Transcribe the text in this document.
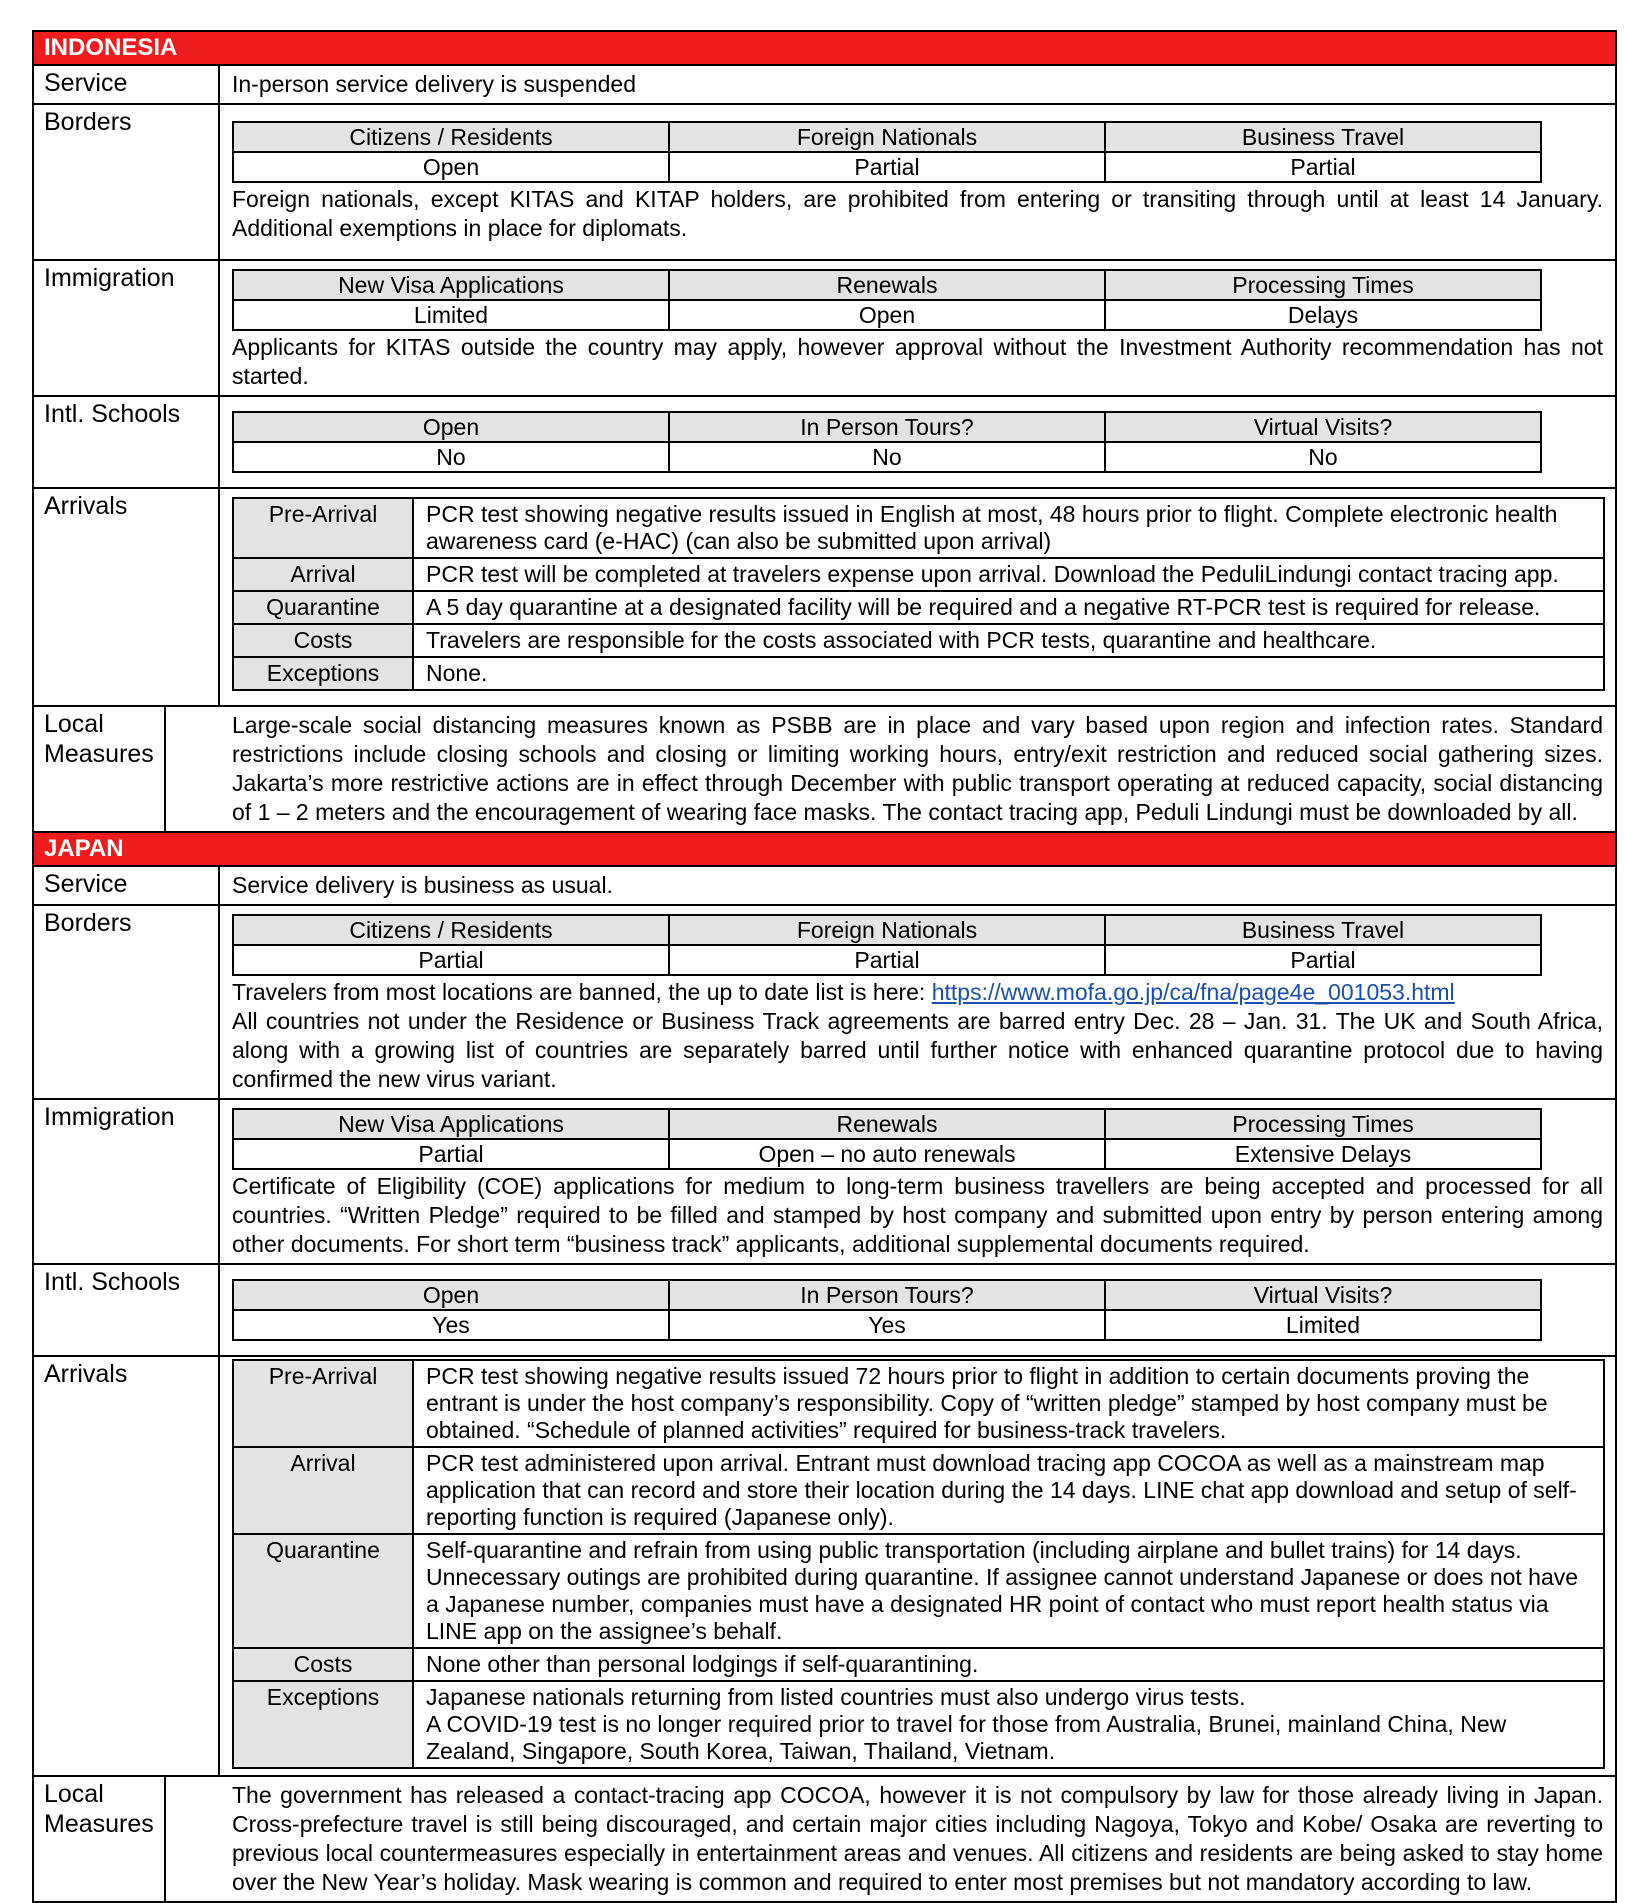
INDONESIA
Service	In-person service delivery is suspended

Borders
Citizens / Residents	Foreign Nationals	Business Travel
Open	Partial	Partial

Foreign nationals, except KITAS and KITAP holders, are prohibited from entering or transiting through until at least 14 January. Additional exemptions in place for diplomats.

Immigration	New Visa Applications	Renewals	Processing Times
Limited	Open	Delays

Applicants for KITAS outside the country may apply, however approval without the Investment Authority recommendation has not started.

Intl. Schools	Open	In Person Tours?	Virtual Visits?
No	No	No
Arrivals	Pre-Arrival	PCR test showing negative results issued in English at most, 48 hours prior to flight. Complete electronic health awareness card (e-HAC) (can also be submitted upon arrival)
Arrival	PCR test will be completed at travelers expense upon arrival. Download the PeduliLindungi contact tracing app.
Quarantine	A 5 day quarantine at a designated facility will be required and a negative RT-PCR test is required for release.
Costs	Travelers are responsible for the costs associated with PCR tests, quarantine and healthcare.
Exceptions	None.
Local Measures

Large-scale social distancing measures known as PSBB are in place and vary based upon region and infection rates. Standard restrictions include closing schools and closing or limiting working hours, entry/exit restriction and reduced social gathering sizes. Jakarta’s more restrictive actions are in effect through December with public transport operating at reduced capacity, social distancing of 1 – 2 meters and the encouragement of wearing face masks. The contact tracing app, Peduli Lindungi must be downloaded by all.

JAPAN
Service	Service delivery is business as usual.

Borders	Citizens / Residents	Foreign Nationals	Business Travel
Partial	Partial	Partial

Travelers from most locations are banned, the up to date list is here: https://www.mofa.go.jp/ca/fna/page4e_001053.html

All countries not under the Residence or Business Track agreements are barred entry Dec. 28 – Jan. 31. The UK and South Africa, along with a growing list of countries are separately barred until further notice with enhanced quarantine protocol due to having confirmed the new virus variant.

Immigration	New Visa Applications	Renewals	Processing Times
Partial	Open – no auto renewals	Extensive Delays

Certificate of Eligibility (COE) applications for medium to long-term business travellers are being accepted and processed for all countries. “Written Pledge” required to be filled and stamped by host company and submitted upon entry by person entering among other documents. For short term “business track” applicants, additional supplemental documents required.

Intl. Schools	Open	In Person Tours?	Virtual Visits?
Yes	Yes	Limited
Arrivals	Pre-Arrival	PCR test showing negative results issued 72 hours prior to flight in addition to certain documents proving the entrant is under the host company’s responsibility. Copy of “written pledge” stamped by host company must be obtained. “Schedule of planned activities” required for business-track travelers.
Arrival	PCR test administered upon arrival. Entrant must download tracing app COCOA as well as a mainstream map application that can record and store their location during the 14 days. LINE chat app download and setup of self-reporting function is required (Japanese only).
Quarantine	Self-quarantine and refrain from using public transportation (including airplane and bullet trains) for 14 days. Unnecessary outings are prohibited during quarantine. If assignee cannot understand Japanese or does not have a Japanese number, companies must have a designated HR point of contact who must report health status via LINE app on the assignee’s behalf.
Costs	None other than personal lodgings if self-quarantining.
Exceptions	Japanese nationals returning from listed countries must also undergo virus tests.
A COVID-19 test is no longer required prior to travel for those from Australia, Brunei, mainland China, New Zealand, Singapore, South Korea, Taiwan, Thailand, Vietnam.
Local Measures

The government has released a contact-tracing app COCOA, however it is not compulsory by law for those already living in Japan. Cross-prefecture travel is still being discouraged, and certain major cities including Nagoya, Tokyo and Kobe/ Osaka are reverting to previous local countermeasures especially in entertainment areas and venues. All citizens and residents are being asked to stay home over the New Year’s holiday. Mask wearing is common and required to enter most premises but not mandatory according to law.
